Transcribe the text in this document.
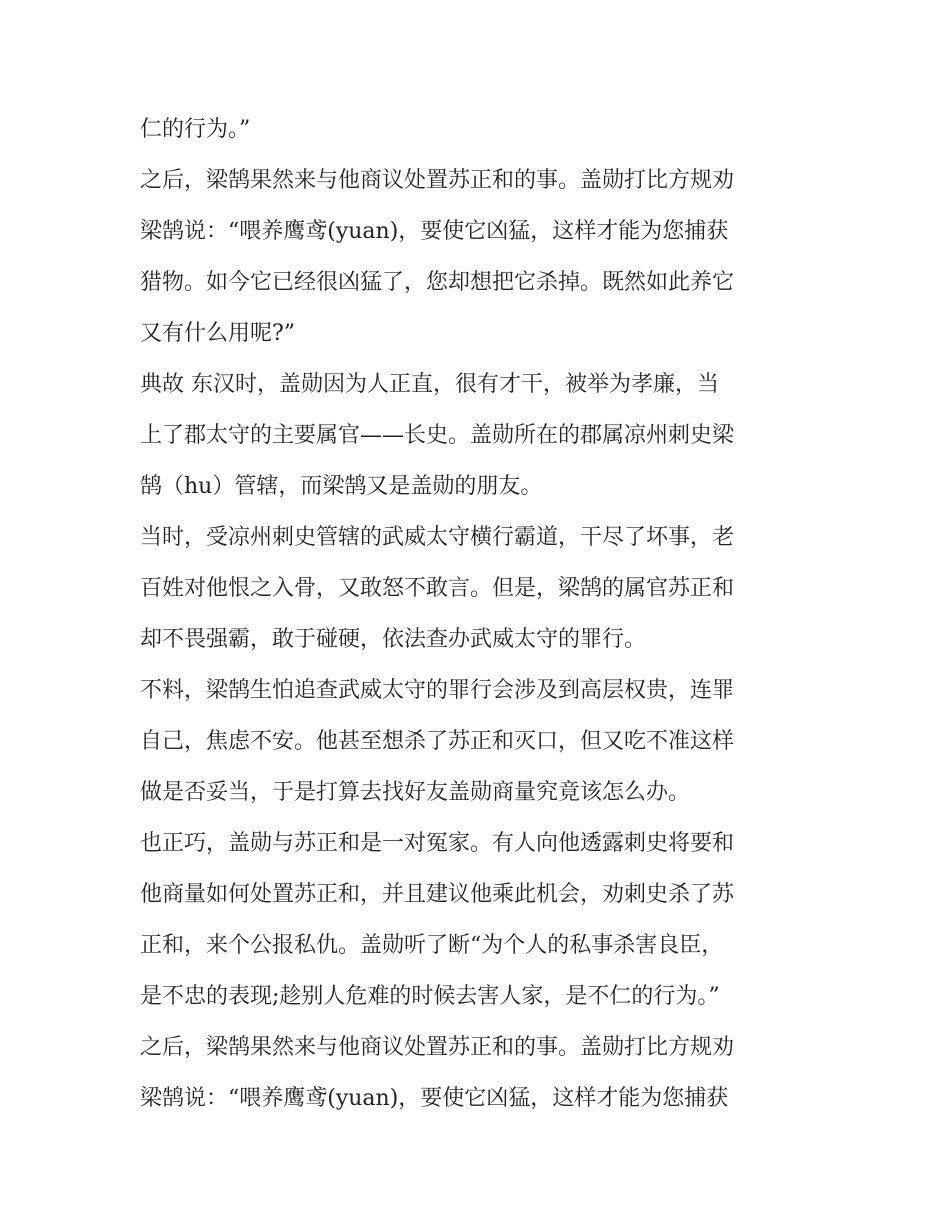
仁的行为。”
之后，梁鹄果然来与他商议处置苏正和的事。盖勋打比方规劝
梁鹄说：“喂养鹰鸢(yuan)，要使它凶猛，这样才能为您捕获
猎物。如今它已经很凶猛了，您却想把它杀掉。既然如此养它
又有什么用呢?”
典故 东汉时，盖勋因为人正直，很有才干，被举为孝廉，当
上了郡太守的主要属官——长史。盖勋所在的郡属凉州刺史梁
鹄（hu）管辖，而梁鹄又是盖勋的朋友。
当时，受凉州刺史管辖的武威太守横行霸道，干尽了坏事，老
百姓对他恨之入骨，又敢怒不敢言。但是，梁鹄的属官苏正和
却不畏强霸，敢于碰硬，依法查办武威太守的罪行。
不料，梁鹄生怕追查武威太守的罪行会涉及到高层权贵，连罪
自己，焦虑不安。他甚至想杀了苏正和灭口，但又吃不准这样
做是否妥当，于是打算去找好友盖勋商量究竟该怎么办。
也正巧，盖勋与苏正和是一对冤家。有人向他透露刺史将要和
他商量如何处置苏正和，并且建议他乘此机会，劝刺史杀了苏
正和，来个公报私仇。盖勋听了断“为个人的私事杀害良臣，
是不忠的表现;趁别人危难的时候去害人家，是不仁的行为。”
之后，梁鹄果然来与他商议处置苏正和的事。盖勋打比方规劝
梁鹄说：“喂养鹰鸢(yuan)，要使它凶猛，这样才能为您捕获
